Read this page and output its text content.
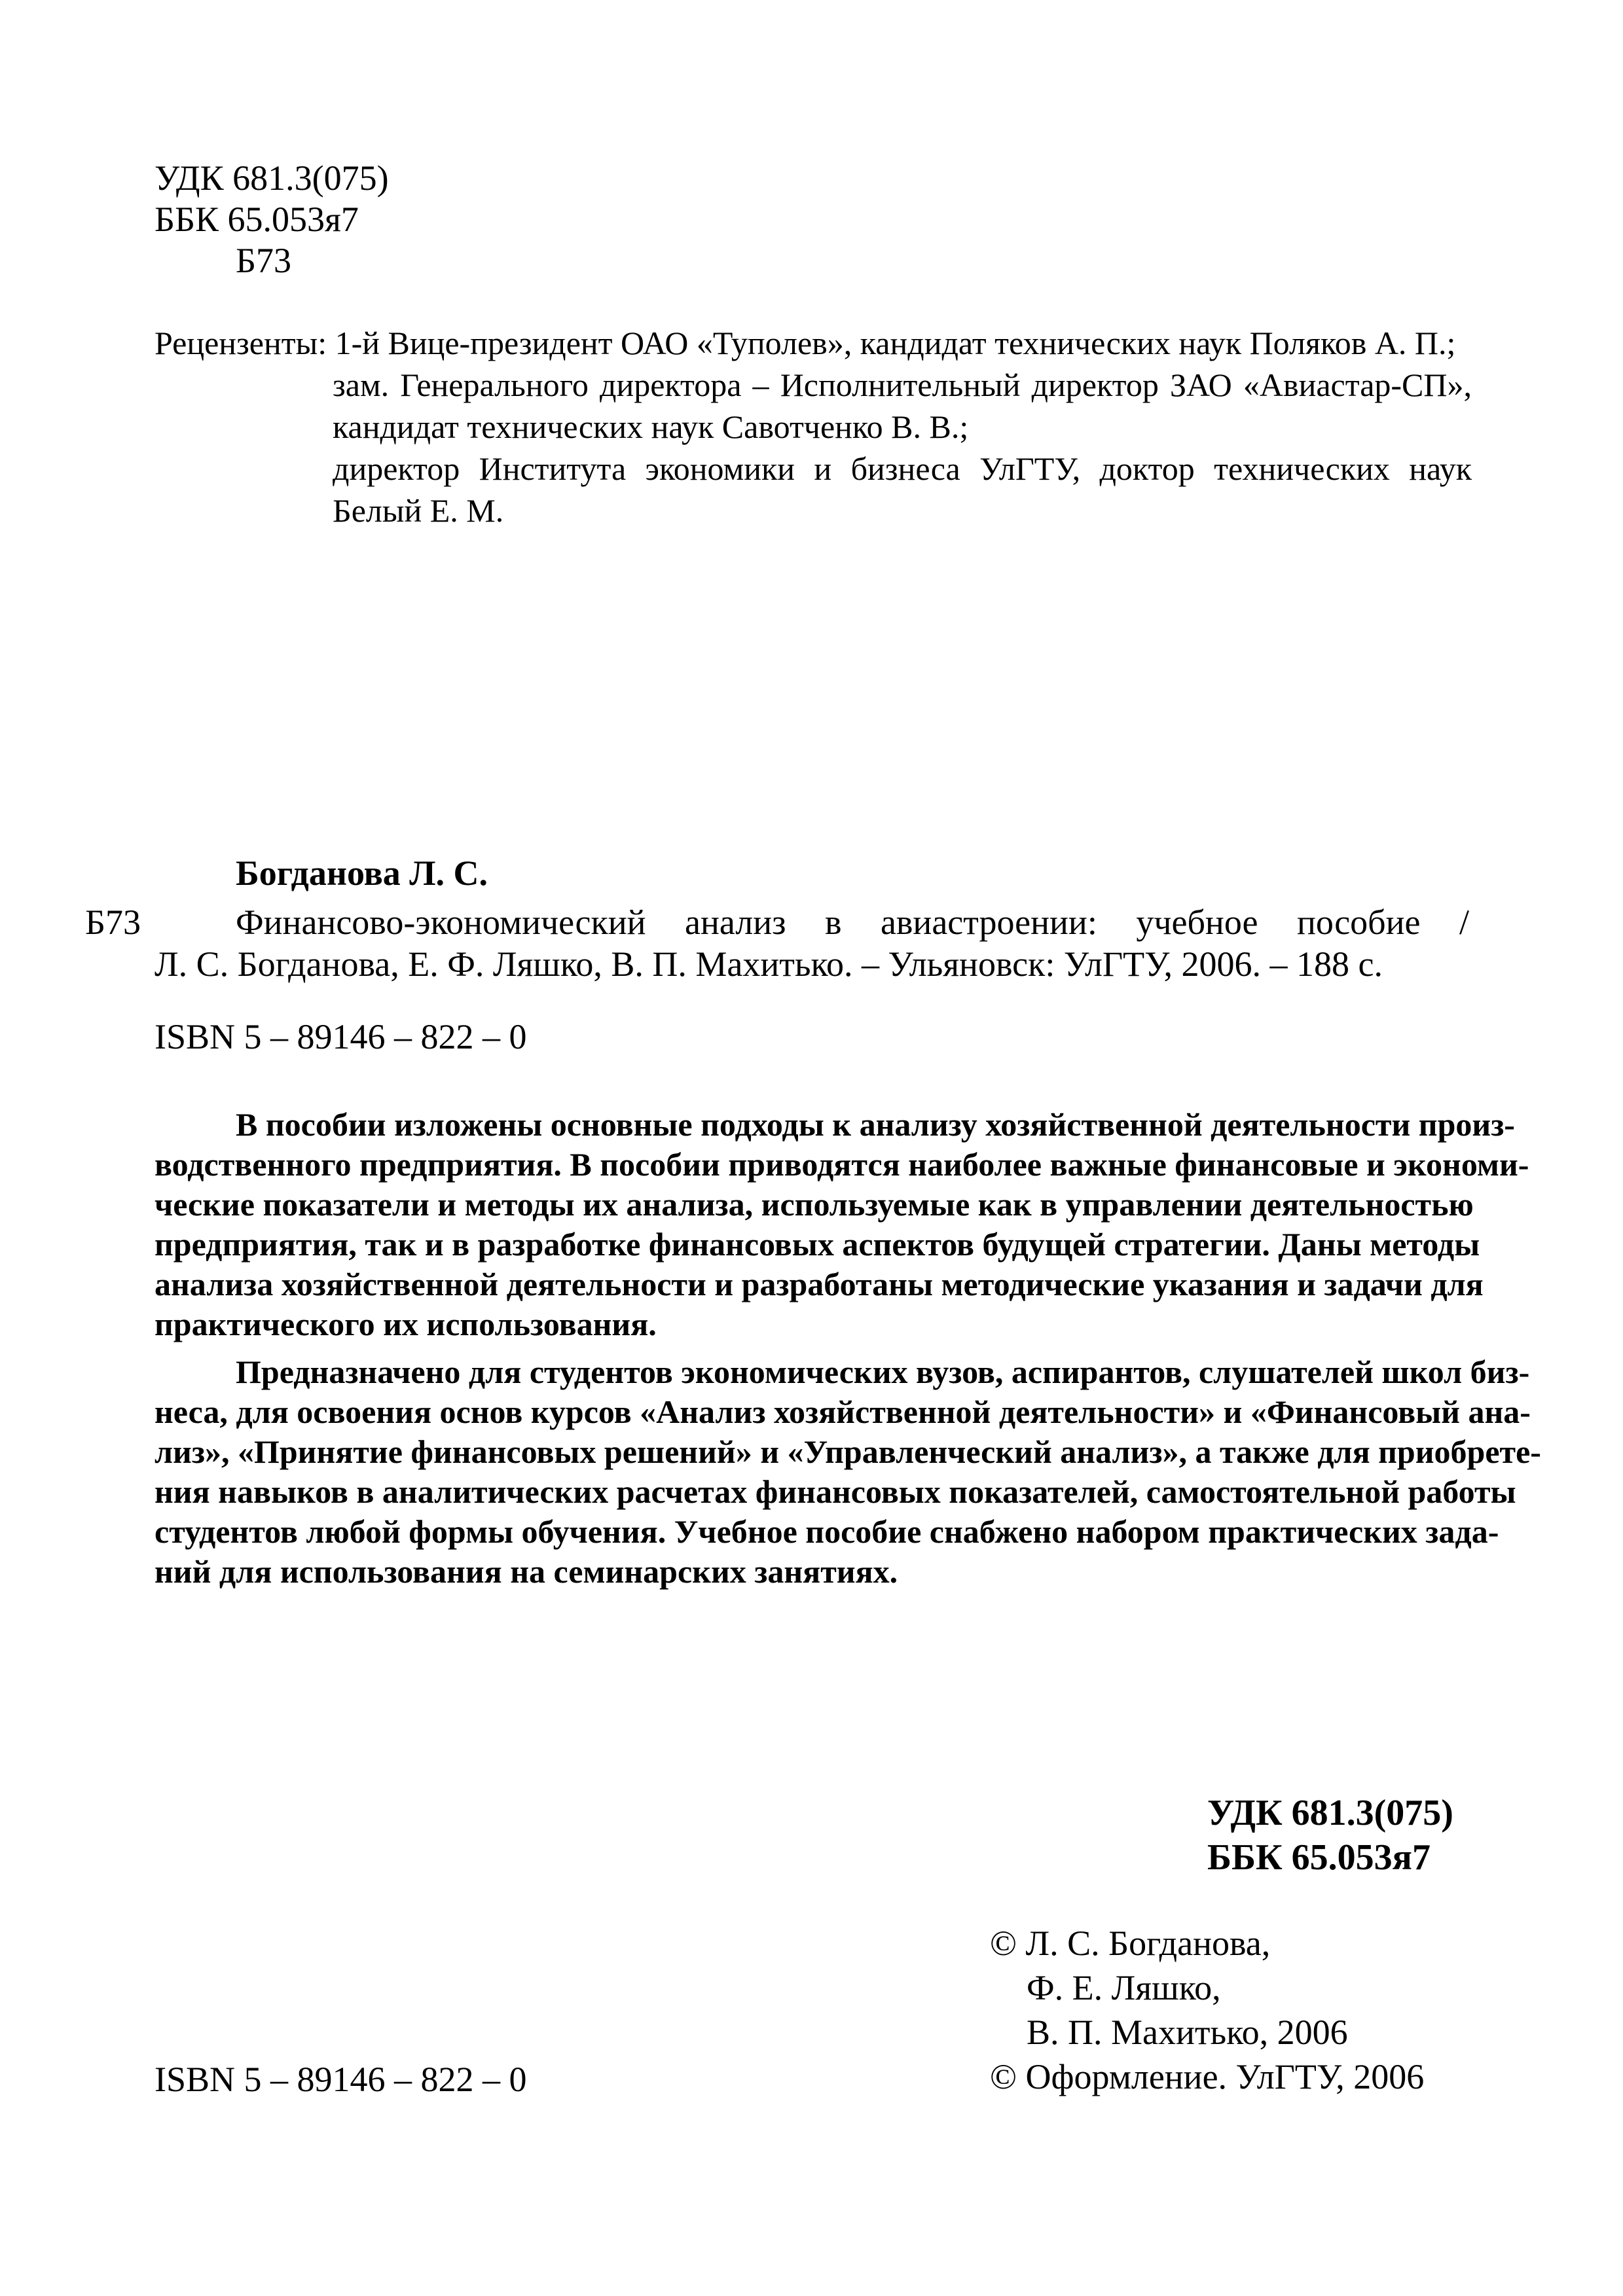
УДК 681.3(075)
ББК 65.053я7
Б73
Рецензенты:
1-й Вице-президент ОАО «Туполев», кандидат технических наук Поляков А. П.;
зам. Генерального директора – Исполнительный директор ЗАО «Авиастар-СП»,
кандидат технических наук Савотченко В. В.;
директор Института экономики и бизнеса УлГТУ, доктор технических наук
Белый Е. М.
Богданова Л. С.
Б73	Финансово-экономический анализ в авиастроении: учебное пособие /
Л. С. Богданова, Е. Ф. Ляшко, В. П. Махитько. – Ульяновск: УлГТУ, 2006. – 188 с.
ISBN 5 – 89146 – 822 – 0

В пособии изложены основные подходы к анализу хозяйственной деятельности произ-
водственного предприятия. В пособии приводятся наиболее важные финансовые и экономи-
ческие показатели и методы их анализа, используемые как в управлении деятельностью
предприятия, так и в разработке финансовых аспектов будущей стратегии. Даны методы
анализа хозяйственной деятельности и разработаны методические указания и задачи для
практического их использования.

Предназначено для студентов экономических вузов, аспирантов, слушателей школ биз-
неса, для освоения основ курсов «Анализ хозяйственной деятельности» и «Финансовый ана-
лиз», «Принятие финансовых решений» и «Управленческий анализ», а также для приобрете-
ния навыков в аналитических расчетах финансовых показателей, самостоятельной работы
студентов любой формы обучения. Учебное пособие снабжено набором практических зада-
ний для использования на семинарских занятиях.

УДК 681.3(075)
ББК 65.053я7
© Л. С. Богданова,
Ф. Е. Ляшко,
В. П. Махитько, 2006
© Оформление. УлГТУ, 2006
ISBN 5 – 89146 – 822 – 0
